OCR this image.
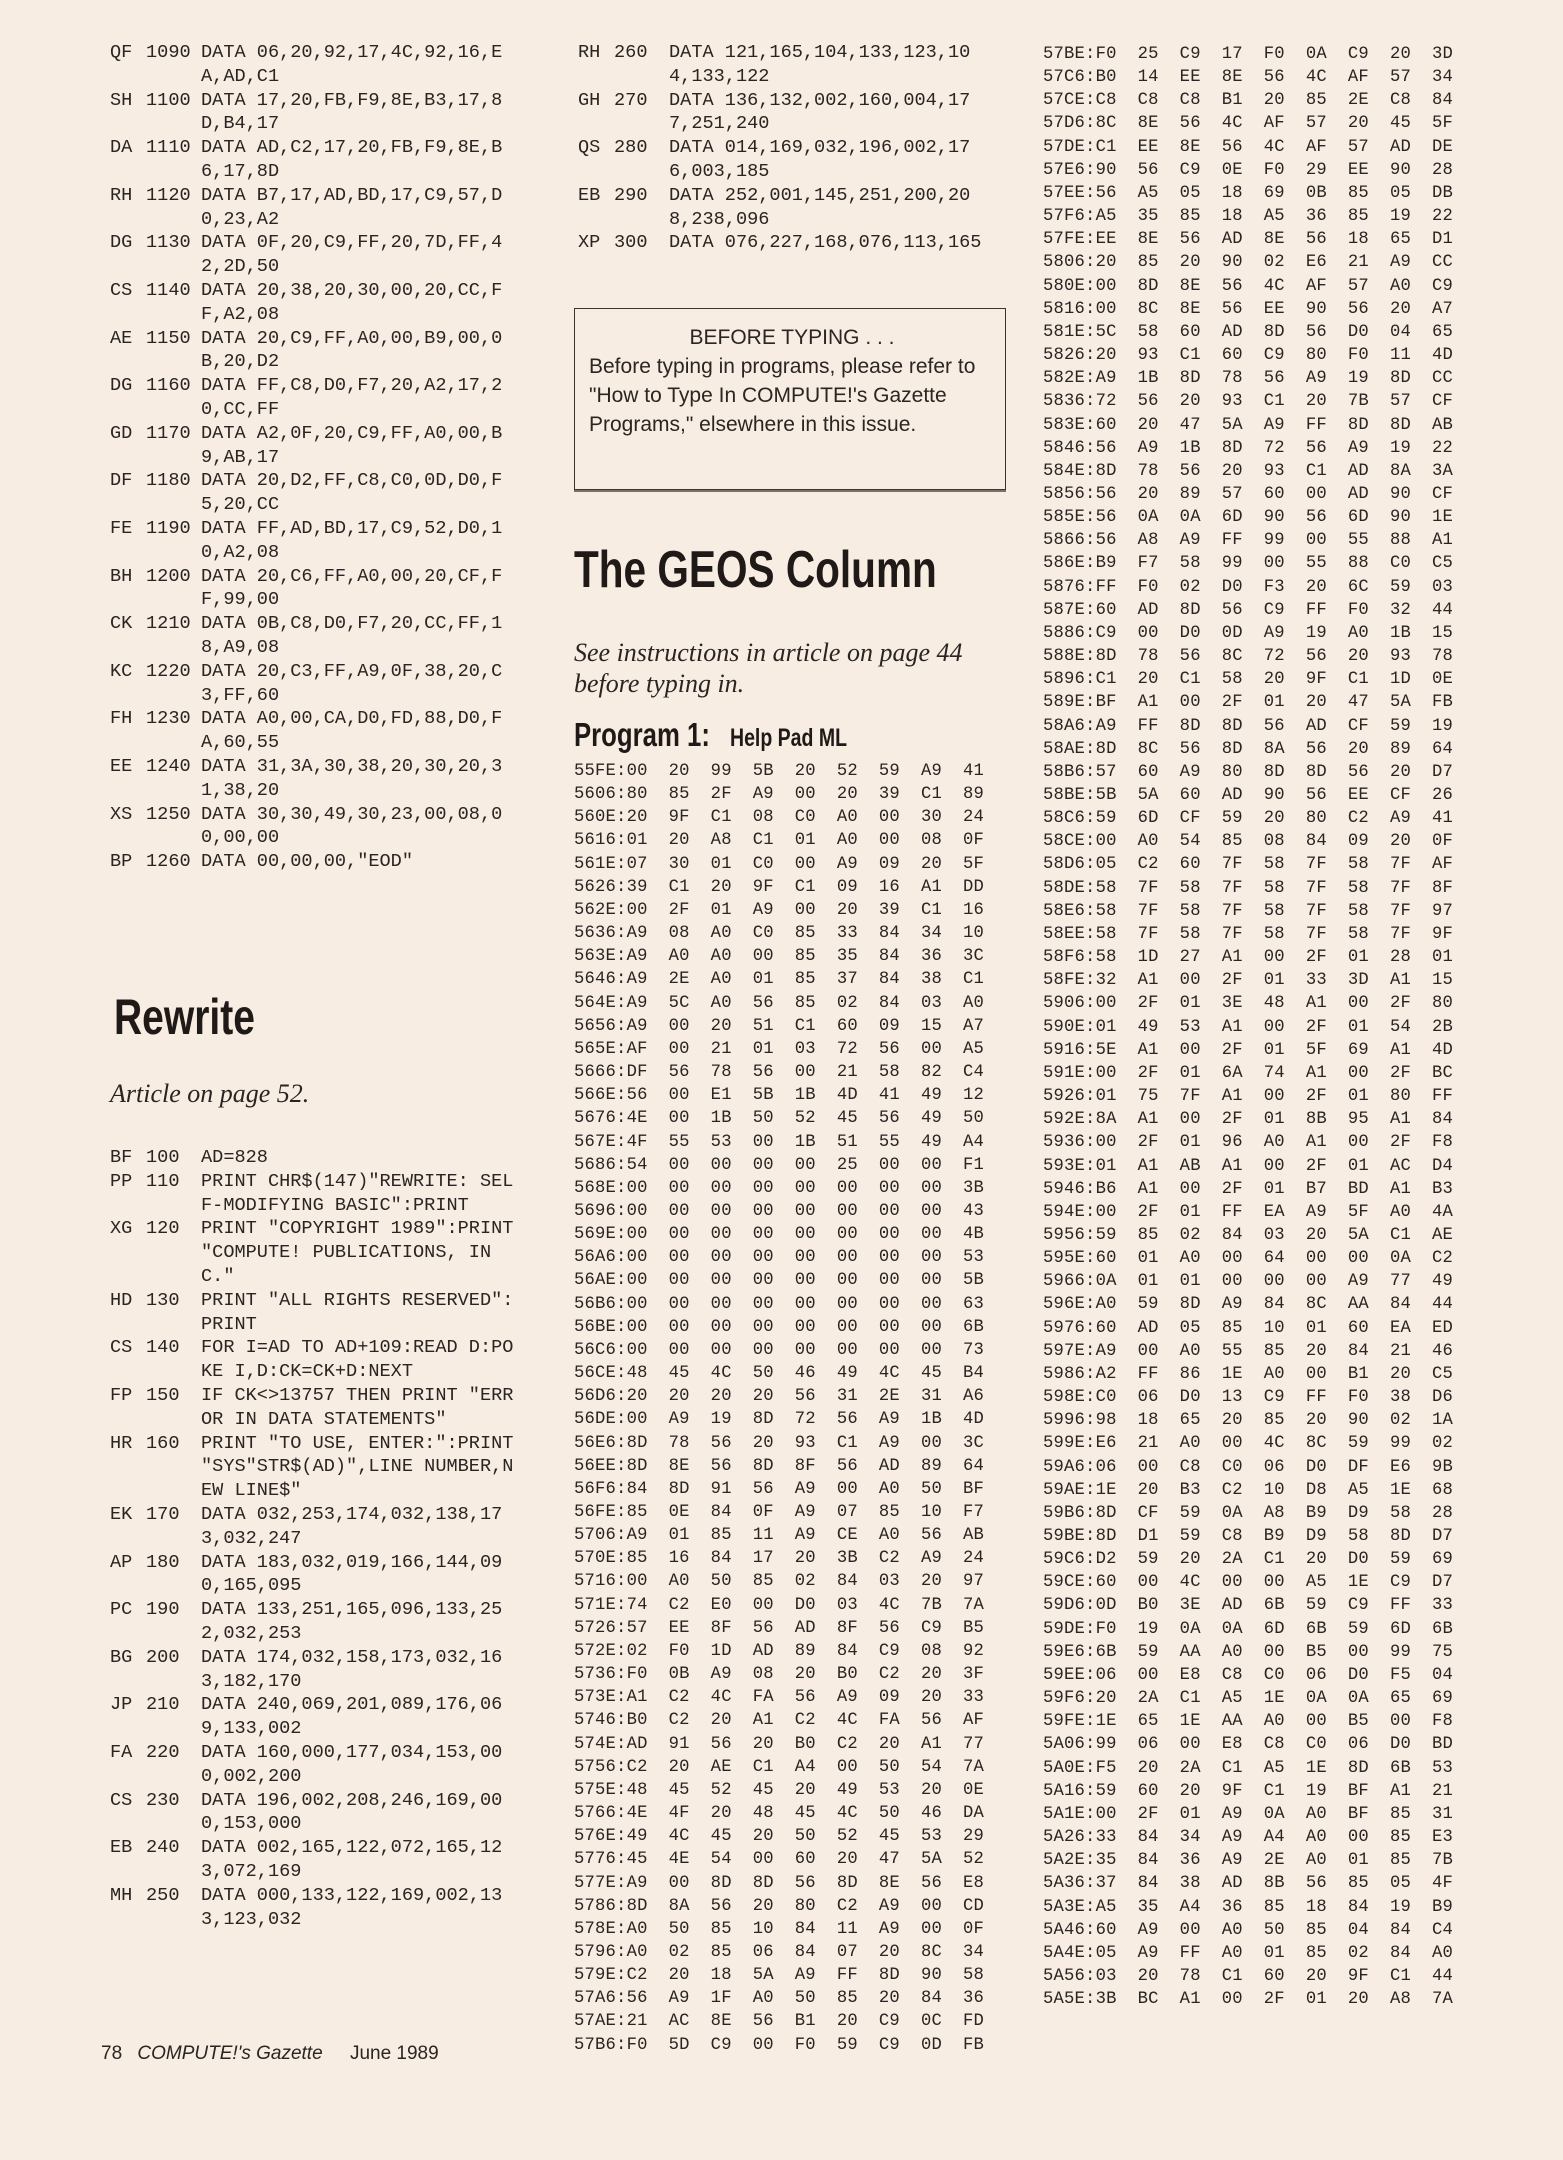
QF 1090 DATA 06,20,92,17,4C,92,16,EA,AD,C1
SH 1100 DATA 17,20,FB,F9,8E,B3,17,8D,B4,17
DA 1110 DATA AD,C2,17,20,FB,F9,8E,B6,17,8D
RH 1120 DATA B7,17,AD,BD,17,C9,57,D0,23,A2
DG 1130 DATA 0F,20,C9,FF,20,7D,FF,42,2D,50
CS 1140 DATA 20,38,20,30,00,20,CC,FF,A2,08
AE 1150 DATA 20,C9,FF,A0,00,B9,00,0B,20,D2
DG 1160 DATA FF,C8,D0,F7,20,A2,17,20,CC,FF
GD 1170 DATA A2,0F,20,C9,FF,A0,00,B9,AB,17
DF 1180 DATA 20,D2,FF,C8,C0,0D,D0,F5,20,CC
FE 1190 DATA FF,AD,BD,17,C9,52,D0,10,A2,08
BH 1200 DATA 20,C6,FF,A0,00,20,CF,FF,99,00
CK 1210 DATA 0B,C8,D0,F7,20,CC,FF,18,A9,08
KC 1220 DATA 20,C3,FF,A9,0F,38,20,C3,FF,60
FH 1230 DATA A0,00,CA,D0,FD,88,D0,FA,60,55
EE 1240 DATA 31,3A,30,38,20,30,20,31,38,20
XS 1250 DATA 30,30,49,30,23,00,08,00,00,00
BP 1260 DATA 00,00,00,"EOD"
Rewrite
Article on page 52.
BF 100	AD=828
PP 110	PRINT CHR$(147)"REWRITE: SELF-MODIFYING BASIC":PRINT
XG 120	PRINT "COPYRIGHT 1989":PRINT "COMPUTE! PUBLICATIONS, INC."
HD 130	PRINT "ALL RIGHTS RESERVED":PRINT
CS 140	FOR I=AD TO AD+109:READ D:POKE I,D:CK=CK+D:NEXT
FP 150	IF CK<>13757 THEN PRINT "ERROR IN DATA STATEMENTS"
HR 160	PRINT "TO USE, ENTER:":PRINT "SYS"STR$(AD)",LINE NUMBER,NEW LINE$"
EK 170	DATA 032,253,174,032,138,173,032,247
AP 180	DATA 183,032,019,166,144,090,165,095
PC 190	DATA 133,251,165,096,133,252,032,253
BG 200	DATA 174,032,158,173,032,163,182,170
JP 210	DATA 240,069,201,089,176,069,133,002
FA 220	DATA 160,000,177,034,153,000,002,200
CS 230	DATA 196,002,208,246,169,000,153,000
EB 240	DATA 002,165,122,072,165,123,072,169
MH 250	DATA 000,133,122,169,002,133,123,032
RH 260	DATA 121,165,104,133,123,104,133,122
GH 270	DATA 136,132,002,160,004,177,251,240
QS 280	DATA 014,169,032,196,002,176,003,185
EB 290	DATA 252,001,145,251,200,208,238,096
XP 300	DATA 076,227,168,076,113,165
BEFORE TYPING . . .
Before typing in programs, please refer to "How to Type In COMPUTE!'s Gazette Programs," elsewhere in this issue.
The GEOS Column
See instructions in article on page 44 before typing in.
Program 1: Help Pad ML
55FE:00  20  99  5B  20  52  59  A9  41
5606:80  85  2F  A9  00  20  39  C1  89
560E:20  9F  C1  08  C0  A0  00  30  24
5616:01  20  A8  C1  01  A0  00  08  0F
561E:07  30  01  C0  00  A9  09  20  5F
5626:39  C1  20  9F  C1  09  16  A1  DD
562E:00  2F  01  A9  00  20  39  C1  16
5636:A9  08  A0  C0  85  33  84  34  10
563E:A9  A0  A0  00  85  35  84  36  3C
5646:A9  2E  A0  01  85  37  84  38  C1
564E:A9  5C  A0  56  85  02  84  03  A0
5656:A9  00  20  51  C1  60  09  15  A7
565E:AF  00  21  01  03  72  56  00  A5
5666:DF  56  78  56  00  21  58  82  C4
566E:56  00  E1  5B  1B  4D  41  49  12
5676:4E  00  1B  50  52  45  56  49  50
567E:4F  55  53  00  1B  51  55  49  A4
5686:54  00  00  00  00  25  00  00  F1
568E:00  00  00  00  00  00  00  00  3B
5696:00  00  00  00  00  00  00  00  43
569E:00  00  00  00  00  00  00  00  4B
56A6:00  00  00  00  00  00  00  00  53
56AE:00  00  00  00  00  00  00  00  5B
56B6:00  00  00  00  00  00  00  00  63
56BE:00  00  00  00  00  00  00  00  6B
56C6:00  00  00  00  00  00  00  00  73
56CE:48  45  4C  50  46  49  4C  45  B4
56D6:20  20  20  20  56  31  2E  31  A6
56DE:00  A9  19  8D  72  56  A9  1B  4D
56E6:8D  78  56  20  93  C1  A9  00  3C
56EE:8D  8E  56  8D  8F  56  AD  89  64
56F6:84  8D  91  56  A9  00  A0  50  BF
56FE:85  0E  84  0F  A9  07  85  10  F7
5706:A9  01  85  11  A9  CE  A0  56  AB
570E:85  16  84  17  20  3B  C2  A9  24
5716:00  A0  50  85  02  84  03  20  97
571E:74  C2  E0  00  D0  03  4C  7B  7A
5726:57  EE  8F  56  AD  8F  56  C9  B5
572E:02  F0  1D  AD  89  84  C9  08  92
5736:F0  0B  A9  08  20  B0  C2  20  3F
573E:A1  C2  4C  FA  56  A9  09  20  33
5746:B0  C2  20  A1  C2  4C  FA  56  AF
574E:AD  91  56  20  B0  C2  20  A1  77
5756:C2  20  AE  C1  A4  00  50  54  7A
575E:48  45  52  45  20  49  53  20  0E
5766:4E  4F  20  48  45  4C  50  46  DA
576E:49  4C  45  20  50  52  45  53  29
5776:45  4E  54  00  60  20  47  5A  52
577E:A9  00  8D  8D  56  8D  8E  56  E8
5786:8D  8A  56  20  80  C2  A9  00  CD
578E:A0  50  85  10  84  11  A9  00  0F
5796:A0  02  85  06  84  07  20  8C  34
579E:C2  20  18  5A  A9  FF  8D  90  58
57A6:56  A9  1F  A0  50  85  20  84  36
57AE:21  AC  8E  56  B1  20  C9  0C  FD
57B6:F0  5D  C9  00  F0  59  C9  0D  FB
57BE:F0  25  C9  17  F0  0A  C9  20  3D
57C6:B0  14  EE  8E  56  4C  AF  57  34
57CE:C8  C8  C8  B1  20  85  2E  C8  84
57D6:8C  8E  56  4C  AF  57  20  45  5F
57DE:C1  EE  8E  56  4C  AF  57  AD  DE
57E6:90  56  C9  0E  F0  29  EE  90  28
57EE:56  A5  05  18  69  0B  85  05  DB
57F6:A5  35  85  18  A5  36  85  19  22
57FE:EE  8E  56  AD  8E  56  18  65  D1
5806:20  85  20  90  02  E6  21  A9  CC
580E:00  8D  8E  56  4C  AF  57  A0  C9
5816:00  8C  8E  56  EE  90  56  20  A7
581E:5C  58  60  AD  8D  56  D0  04  65
5826:20  93  C1  60  C9  80  F0  11  4D
582E:A9  1B  8D  78  56  A9  19  8D  CC
5836:72  56  20  93  C1  20  7B  57  CF
583E:60  20  47  5A  A9  FF  8D  8D  AB
5846:56  A9  1B  8D  72  56  A9  19  22
584E:8D  78  56  20  93  C1  AD  8A  3A
5856:56  20  89  57  60  00  AD  90  CF
585E:56  0A  0A  6D  90  56  6D  90  1E
5866:56  A8  A9  FF  99  00  55  88  A1
586E:B9  F7  58  99  00  55  88  C0  C5
5876:FF  F0  02  D0  F3  20  6C  59  03
587E:60  AD  8D  56  C9  FF  F0  32  44
5886:C9  00  D0  0D  A9  19  A0  1B  15
588E:8D  78  56  8C  72  56  20  93  78
5896:C1  20  C1  58  20  9F  C1  1D  0E
589E:BF  A1  00  2F  01  20  47  5A  FB
58A6:A9  FF  8D  8D  56  AD  CF  59  19
58AE:8D  8C  56  8D  8A  56  20  89  64
58B6:57  60  A9  80  8D  8D  56  20  D7
58BE:5B  5A  60  AD  90  56  EE  CF  26
58C6:59  6D  CF  59  20  80  C2  A9  41
58CE:00  A0  54  85  08  84  09  20  0F
58D6:05  C2  60  7F  58  7F  58  7F  AF
58DE:58  7F  58  7F  58  7F  58  7F  8F
58E6:58  7F  58  7F  58  7F  58  7F  97
58EE:58  7F  58  7F  58  7F  58  7F  9F
58F6:58  1D  27  A1  00  2F  01  28  01
58FE:32  A1  00  2F  01  33  3D  A1  15
5906:00  2F  01  3E  48  A1  00  2F  80
590E:01  49  53  A1  00  2F  01  54  2B
5916:5E  A1  00  2F  01  5F  69  A1  4D
591E:00  2F  01  6A  74  A1  00  2F  BC
5926:01  75  7F  A1  00  2F  01  80  FF
592E:8A  A1  00  2F  01  8B  95  A1  84
5936:00  2F  01  96  A0  A1  00  2F  F8
593E:01  A1  AB  A1  00  2F  01  AC  D4
5946:B6  A1  00  2F  01  B7  BD  A1  B3
594E:00  2F  01  FF  EA  A9  5F  A0  4A
5956:59  85  02  84  03  20  5A  C1  AE
595E:60  01  A0  00  64  00  00  0A  C2
5966:0A  01  01  00  00  00  A9  77  49
596E:A0  59  8D  A9  84  8C  AA  84  44
5976:60  AD  05  85  10  01  60  EA  ED
597E:A9  00  A0  55  85  20  84  21  46
5986:A2  FF  86  1E  A0  00  B1  20  C5
598E:C0  06  D0  13  C9  FF  F0  38  D6
5996:98  18  65  20  85  20  90  02  1A
599E:E6  21  A0  00  4C  8C  59  99  02
59A6:06  00  C8  C0  06  D0  DF  E6  9B
59AE:1E  20  B3  C2  10  D8  A5  1E  68
59B6:8D  CF  59  0A  A8  B9  D9  58  28
59BE:8D  D1  59  C8  B9  D9  58  8D  D7
59C6:D2  59  20  2A  C1  20  D0  59  69
59CE:60  00  4C  00  00  A5  1E  C9  D7
59D6:0D  B0  3E  AD  6B  59  C9  FF  33
59DE:F0  19  0A  0A  6D  6B  59  6D  6B
59E6:6B  59  AA  A0  00  B5  00  99  75
59EE:06  00  E8  C8  C0  06  D0  F5  04
59F6:20  2A  C1  A5  1E  0A  0A  65  69
59FE:1E  65  1E  AA  A0  00  B5  00  F8
5A06:99  06  00  E8  C8  C0  06  D0  BD
5A0E:F5  20  2A  C1  A5  1E  8D  6B  53
5A16:59  60  20  9F  C1  19  BF  A1  21
5A1E:00  2F  01  A9  0A  A0  BF  85  31
5A26:33  84  34  A9  A4  A0  00  85  E3
5A2E:35  84  36  A9  2E  A0  01  85  7B
5A36:37  84  38  AD  8B  56  85  05  4F
5A3E:A5  35  A4  36  85  18  84  19  B9
5A46:60  A9  00  A0  50  85  04  84  C4
5A4E:05  A9  FF  A0  01  85  02  84  A0
5A56:03  20  78  C1  60  20  9F  C1  44
5A5E:3B  BC  A1  00  2F  01  20  A8  7A
78 COMPUTE!'s Gazette June 1989
